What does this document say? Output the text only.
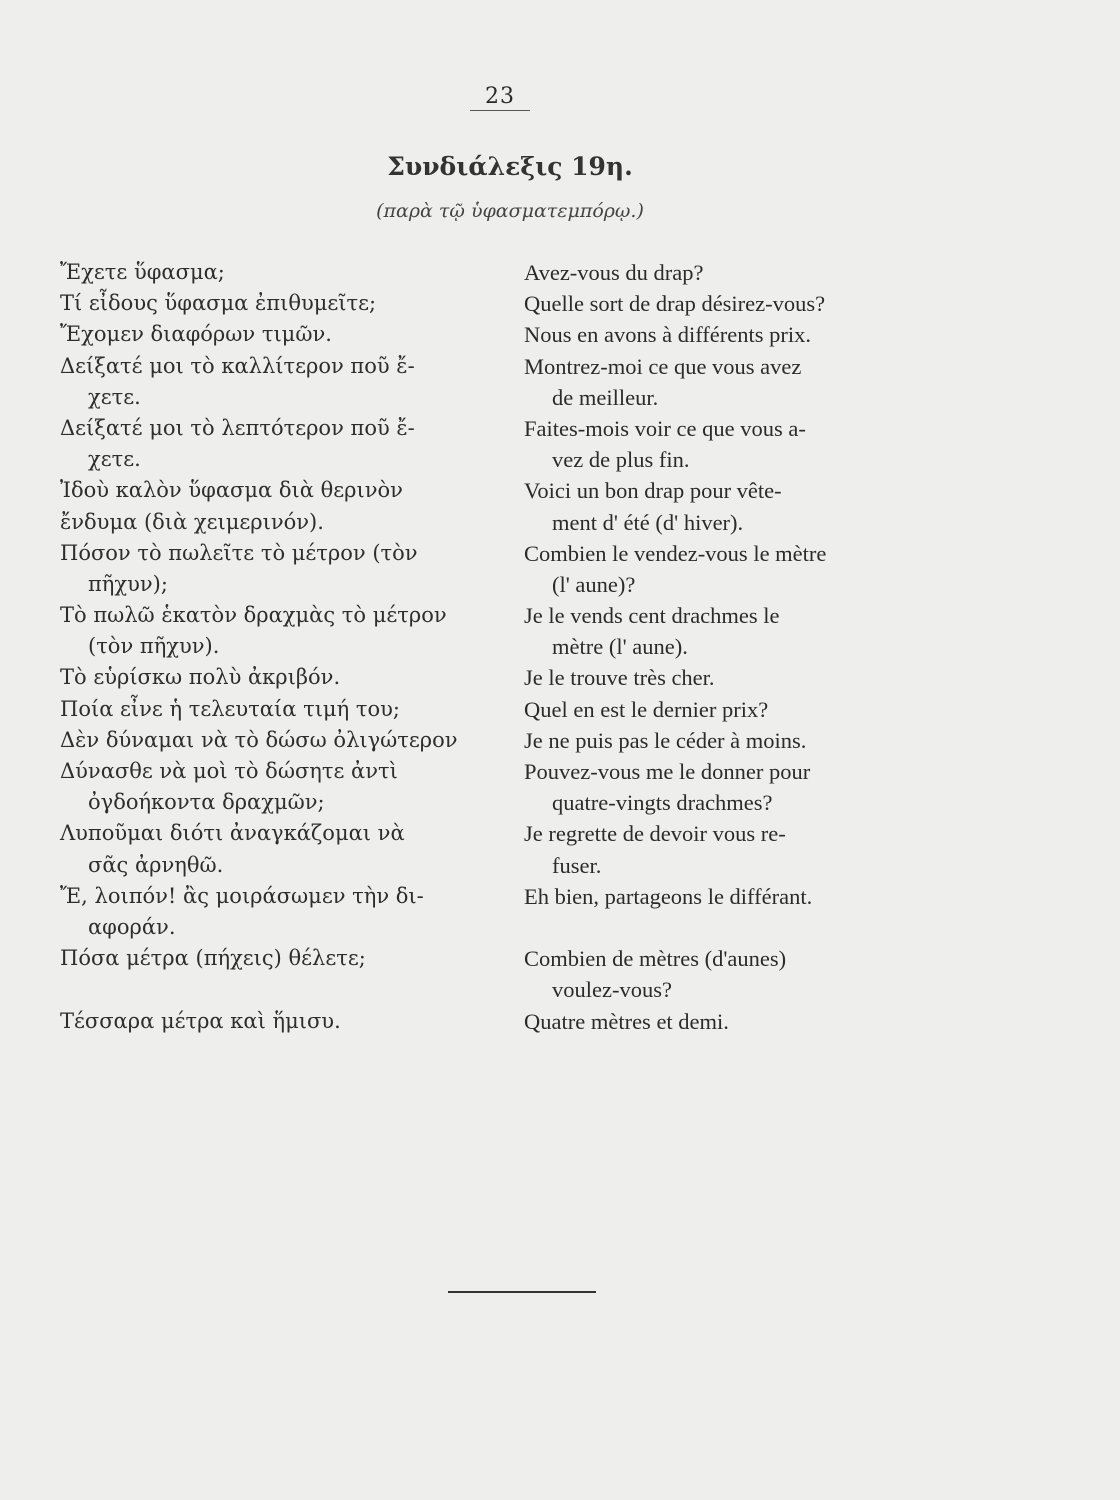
23
Συνδιάλεξις 19η.
(παρὰ τῷ ὑφασματεμπόρῳ.)
Ἔχετε ὕφασμα;
Τί εἶδους ὕφασμα ἐπιθυμεῖτε;
Ἔχομεν διαφόρων τιμῶν.
Δείξατέ μοι τὸ καλλίτερον ποῦ ἔ-
χετε.
Δείξατέ μοι τὸ λεπτότερον ποῦ ἔ-
χετε.
Ἰδοὺ καλὸν ὕφασμα διὰ θερινὸν
ἔνδυμα (διὰ χειμερινόν).
Πόσον τὸ πωλεῖτε τὸ μέτρον (τὸν
πῆχυν);
Τὸ πωλῶ ἑκατὸν δραχμὰς τὸ μέτρον
(τὸν πῆχυν).
Τὸ εὑρίσκω πολὺ ἀκριβόν.
Ποία εἶνε ἡ τελευταία τιμή του;
Δὲν δύναμαι νὰ τὸ δώσω ὀλιγώτερον
Δύνασθε νὰ μοὶ τὸ δώσητε ἀντὶ
ὀγδοήκοντα δραχμῶν;
Λυποῦμαι διότι ἀναγκάζομαι νὰ
σᾶς ἀρνηθῶ.
Ἔ, λοιπόν! ἂς μοιράσωμεν τὴν δι-
αφοράν.
Πόσα μέτρα (πήχεις) θέλετε;
Τέσσαρα μέτρα καὶ ἥμισυ.
Avez-vous du drap?
Quelle sort de drap désirez-vous?
Nous en avons à différents prix.
Montrez-moi ce que vous avez
de meilleur.
Faites-mois voir ce que vous a-
vez de plus fin.
Voici un bon drap pour vête-
ment d' été (d' hiver).
Combien le vendez-vous le mètre
(l' aune)?
Je le vends cent drachmes le
mètre (l' aune).
Je le trouve très cher.
Quel en est le dernier prix?
Je ne puis pas le céder à moins.
Pouvez-vous me le donner pour
quatre-vingts drachmes?
Je regrette de devoir vous re-
fuser.
Eh bien, partageons le différant.
Combien de mètres (d'aunes)
voulez-vous?
Quatre mètres et demi.
